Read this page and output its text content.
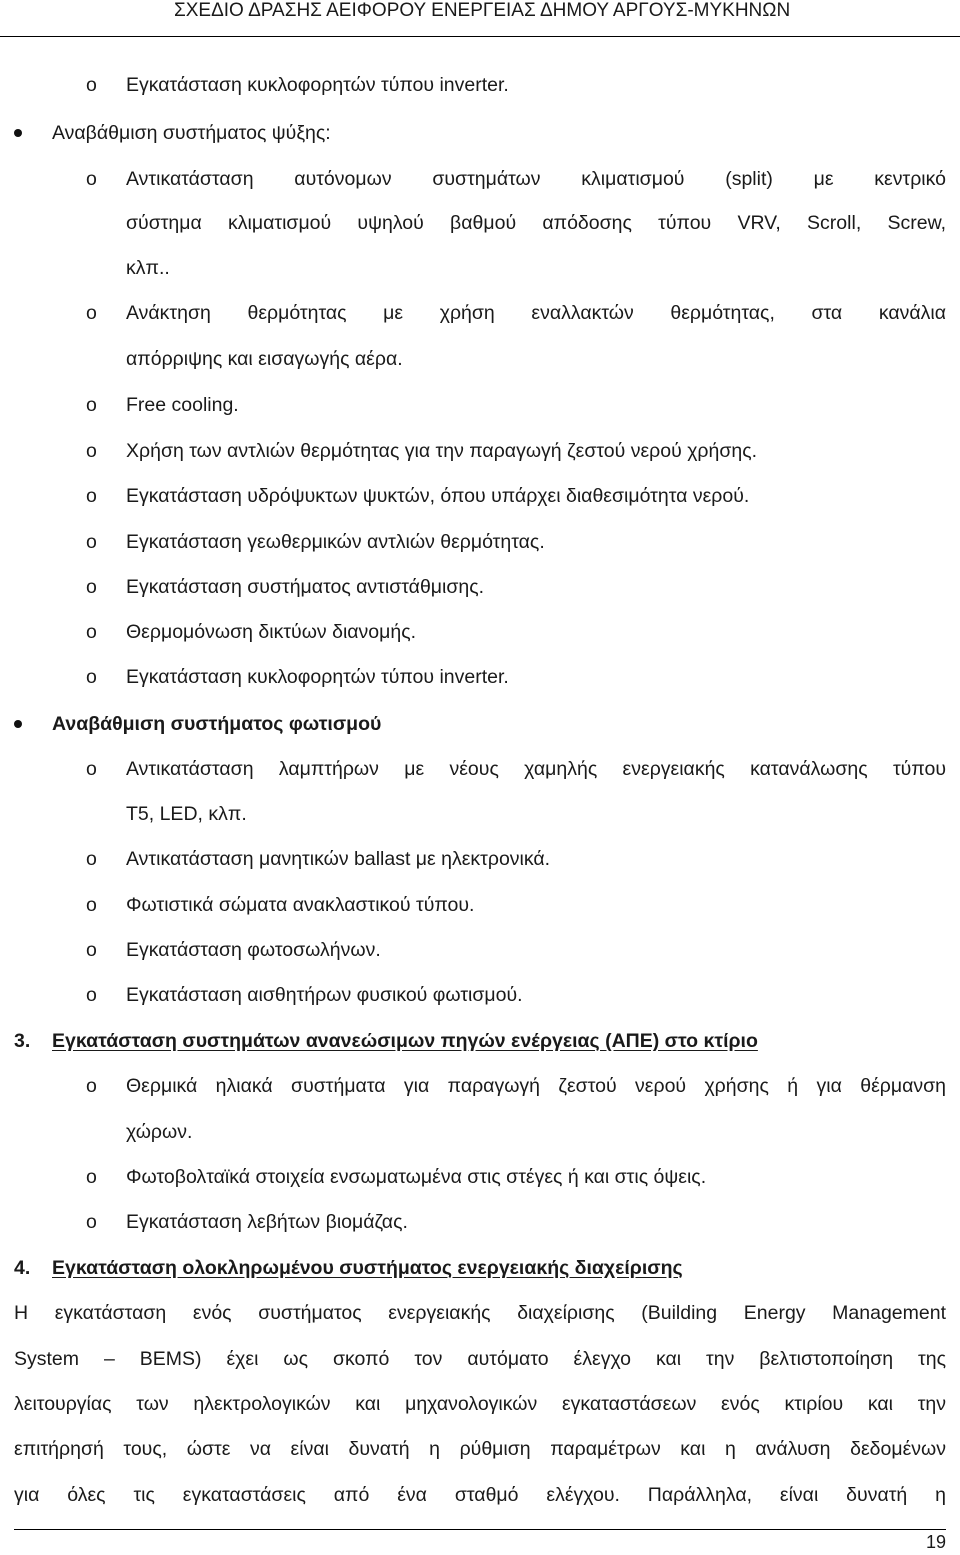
ΣΧΕΔΙΟ ΔΡΑΣΗΣ ΑΕΙΦΟΡΟΥ ΕΝΕΡΓΕΙΑΣ ΔΗΜΟΥ ΑΡΓΟΥΣ-ΜΥΚΗΝΩΝ
o Εγκατάσταση κυκλοφορητών τύπου inverter.
Αναβάθμιση συστήματος ψύξης:
o Αντικατάσταση αυτόνομων συστημάτων κλιματισμού (split) με κεντρικό
σύστημα κλιματισμού υψηλού βαθμού απόδοσης τύπου VRV, Scroll, Screw,
κλπ..
o Ανάκτηση θερμότητας με χρήση εναλλακτών θερμότητας, στα κανάλια
απόρριψης και εισαγωγής αέρα.
o Free cooling.
o Χρήση των αντλιών θερμότητας για την παραγωγή ζεστού νερού χρήσης.
o Εγκατάσταση υδρόψυκτων ψυκτών, όπου υπάρχει διαθεσιμότητα νερού.
o Εγκατάσταση γεωθερμικών αντλιών θερμότητας.
o Εγκατάσταση συστήματος αντιστάθμισης.
o Θερμομόνωση δικτύων διανομής.
o Εγκατάσταση κυκλοφορητών τύπου inverter.
Αναβάθμιση συστήματος φωτισμού
o Αντικατάσταση λαμπτήρων με νέους χαμηλής ενεργειακής κατανάλωσης τύπου
T5, LED, κλπ.
o Αντικατάσταση μανητικών ballast με ηλεκτρονικά.
o Φωτιστικά σώματα ανακλαστικού τύπου.
o Εγκατάσταση φωτοσωλήνων.
o Εγκατάσταση αισθητήρων φυσικού φωτισμού.
3. Εγκατάσταση συστημάτων ανανεώσιμων πηγών ενέργειας (ΑΠΕ) στο κτίριο
o Θερμικά ηλιακά συστήματα για παραγωγή ζεστού νερού χρήσης ή για θέρμανση
χώρων.
o Φωτοβολταϊκά στοιχεία ενσωματωμένα στις στέγες ή και στις όψεις.
o Εγκατάσταση λεβήτων βιομάζας.
4. Εγκατάσταση ολοκληρωμένου συστήματος ενεργειακής διαχείρισης
Η εγκατάσταση ενός συστήματος ενεργειακής διαχείρισης (Building Energy Management
System – BEMS) έχει ως σκοπό τον αυτόματο έλεγχο και την βελτιστοποίηση της
λειτουργίας των ηλεκτρολογικών και μηχανολογικών εγκαταστάσεων ενός κτιρίου και την
επιτήρησή τους, ώστε να είναι δυνατή η ρύθμιση παραμέτρων και η ανάλυση δεδομένων
για όλες τις εγκαταστάσεις από ένα σταθμό ελέγχου. Παράλληλα, είναι δυνατή η
19
